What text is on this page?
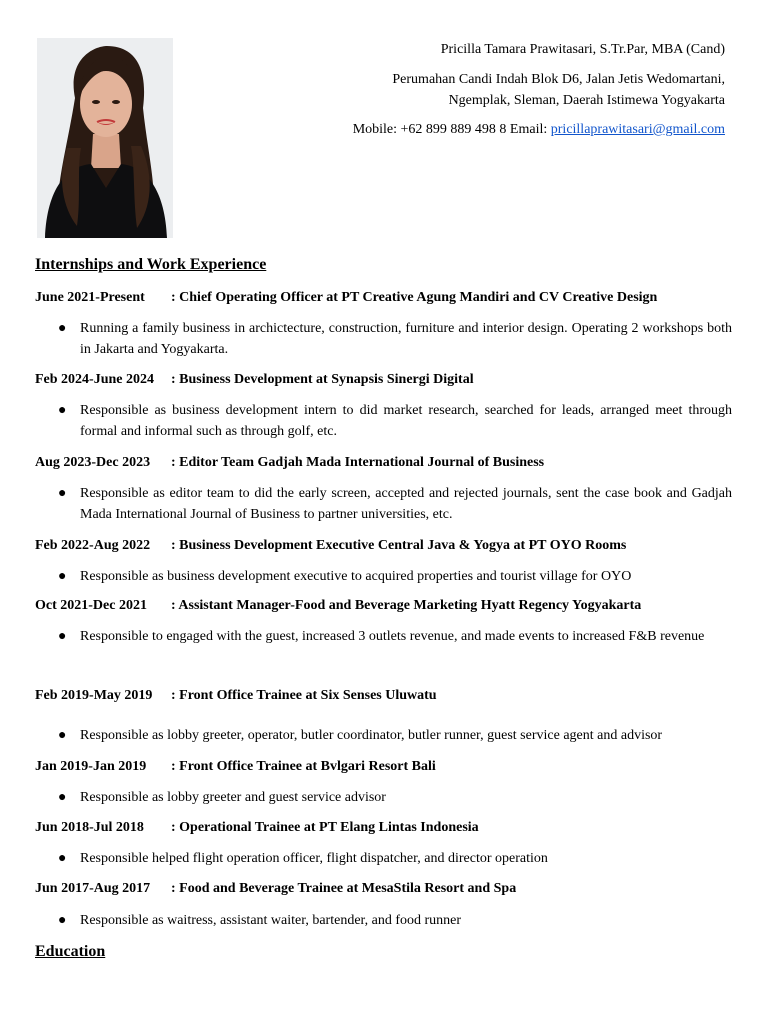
Pricilla Tamara Prawitasari, S.Tr.Par, MBA (Cand)
Perumahan Candi Indah Blok D6, Jalan Jetis Wedomartani,
Ngemplak, Sleman, Daerah Istimewa Yogyakarta
Mobile: +62 899 889 498 8 Email: pricillaprawitasari@gmail.com
Internships and Work Experience
June 2021-Present : Chief Operating Officer at PT Creative Agung Mandiri and CV Creative Design
● Running a family business in archictecture, construction, furniture and interior design. Operating 2 workshops both in Jakarta and Yogyakarta.
Feb 2024-June 2024 : Business Development at Synapsis Sinergi Digital
● Responsible as business development intern to did market research, searched for leads, arranged meet through formal and informal such as through golf, etc.
Aug 2023-Dec 2023 : Editor Team Gadjah Mada International Journal of Business
● Responsible as editor team to did the early screen, accepted and rejected journals, sent the case book and Gadjah Mada International Journal of Business to partner universities, etc.
Feb 2022-Aug 2022 : Business Development Executive Central Java & Yogya at PT OYO Rooms
● Responsible as business development executive to acquired properties and tourist village for OYO
Oct 2021-Dec 2021 : Assistant Manager-Food and Beverage Marketing Hyatt Regency Yogyakarta
● Responsible to engaged with the guest, increased 3 outlets revenue, and made events to increased F&B revenue
Feb 2019-May 2019 : Front Office Trainee at Six Senses Uluwatu
● Responsible as lobby greeter, operator, butler coordinator, butler runner, guest service agent and advisor
Jan 2019-Jan 2019 : Front Office Trainee at Bvlgari Resort Bali
● Responsible as lobby greeter and guest service advisor
Jun 2018-Jul 2018 : Operational Trainee at PT Elang Lintas Indonesia
● Responsible helped flight operation officer, flight dispatcher, and director operation
Jun 2017-Aug 2017 : Food and Beverage Trainee at MesaStila Resort and Spa
● Responsible as waitress, assistant waiter, bartender, and food runner
Education
